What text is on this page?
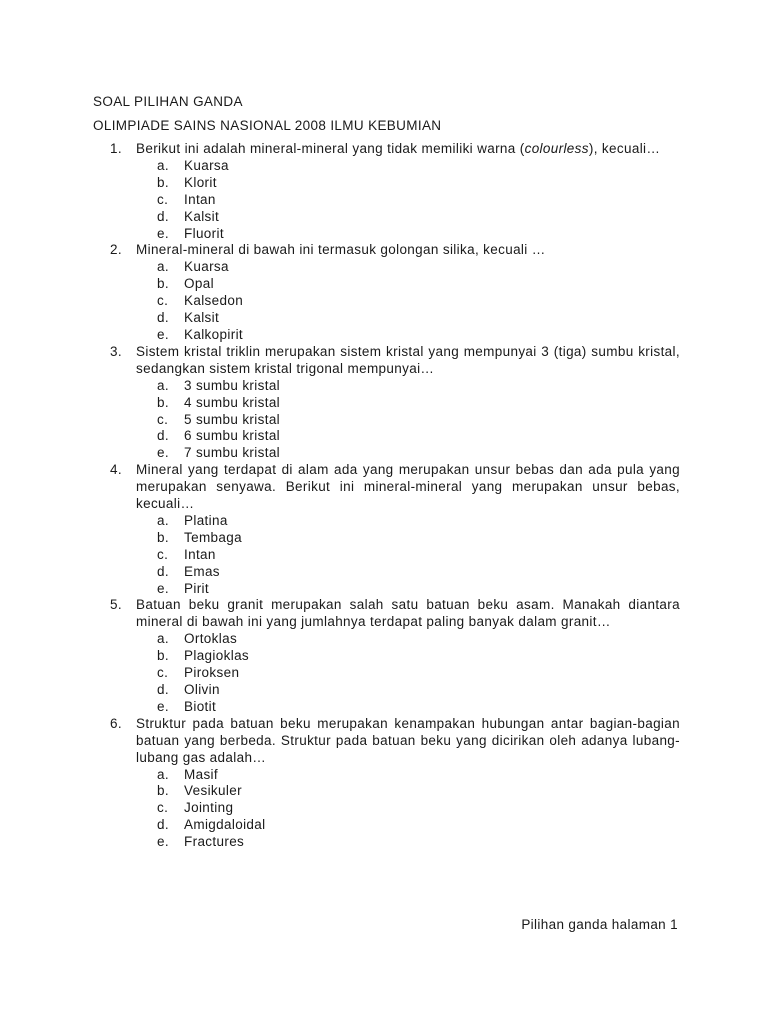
SOAL PILIHAN GANDA
OLIMPIADE SAINS NASIONAL 2008 ILMU KEBUMIAN
1. Berikut ini adalah mineral-mineral yang tidak memiliki warna (colourless), kecuali…
a. Kuarsa
b. Klorit
c. Intan
d. Kalsit
e. Fluorit
2. Mineral-mineral di bawah ini termasuk golongan silika, kecuali …
a. Kuarsa
b. Opal
c. Kalsedon
d. Kalsit
e. Kalkopirit
3. Sistem kristal triklin merupakan sistem kristal yang mempunyai 3 (tiga) sumbu kristal, sedangkan sistem kristal trigonal mempunyai…
a. 3 sumbu kristal
b. 4 sumbu kristal
c. 5 sumbu kristal
d. 6 sumbu kristal
e. 7 sumbu kristal
4. Mineral yang terdapat di alam ada yang merupakan unsur bebas dan ada pula yang merupakan senyawa. Berikut ini mineral-mineral yang merupakan unsur bebas, kecuali…
a. Platina
b. Tembaga
c. Intan
d. Emas
e. Pirit
5. Batuan beku granit merupakan salah satu batuan beku asam. Manakah diantara mineral di bawah ini yang jumlahnya terdapat paling banyak dalam granit…
a. Ortoklas
b. Plagioklas
c. Piroksen
d. Olivin
e. Biotit
6. Struktur pada batuan beku merupakan kenampakan hubungan antar bagian-bagian batuan yang berbeda. Struktur pada batuan beku yang dicirikan oleh adanya lubang-lubang gas adalah…
a. Masif
b. Vesikuler
c. Jointing
d. Amigdaloidal
e. Fractures
Pilihan ganda halaman 1
